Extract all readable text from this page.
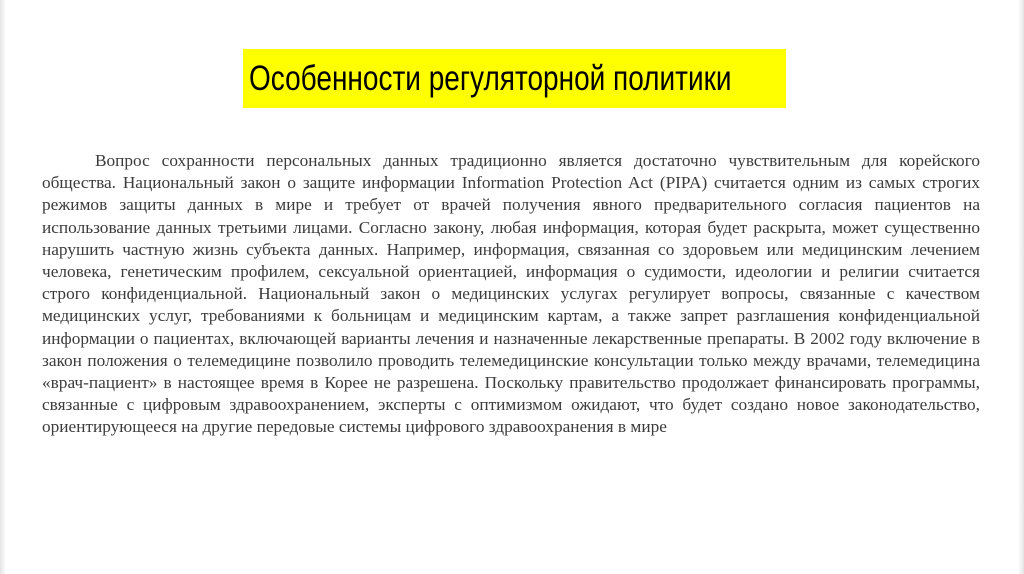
Особенности регуляторной политики

Вопрос сохранности персональных данных традиционно является достаточно чувствительным для корейского общества. Национальный закон о защите информации Information Protection Act (PIPA) считается одним из самых строгих режимов защиты данных в мире и требует от врачей получения явного предварительного согласия пациентов на использование данных третьими лицами. Согласно закону, любая информация, которая будет раскрыта, может существенно нарушить частную жизнь субъекта данных. Например, информация, связанная со здоровьем или медицинским лечением человека, генетическим профилем, сексуальной ориентацией, информация о судимости, идеологии и религии считается строго конфиденциальной. Национальный закон о медицинских услугах регулирует вопросы, связанные с качеством медицинских услуг, требованиями к больницам и медицинским картам, а также запрет разглашения конфиденциальной информации о пациентах, включающей варианты лечения и назначенные лекарственные препараты. В 2002 году включение в закон положения о телемедицине позволило проводить телемедицинские консультации только между врачами, телемедицина «врач-пациент» в настоящее время в Корее не разрешена. Поскольку правительство продолжает финансировать программы, связанные с цифровым здравоохранением, эксперты с оптимизмом ожидают, что будет создано новое законодательство, ориентирующееся на другие передовые системы цифрового здравоохранения в мире
